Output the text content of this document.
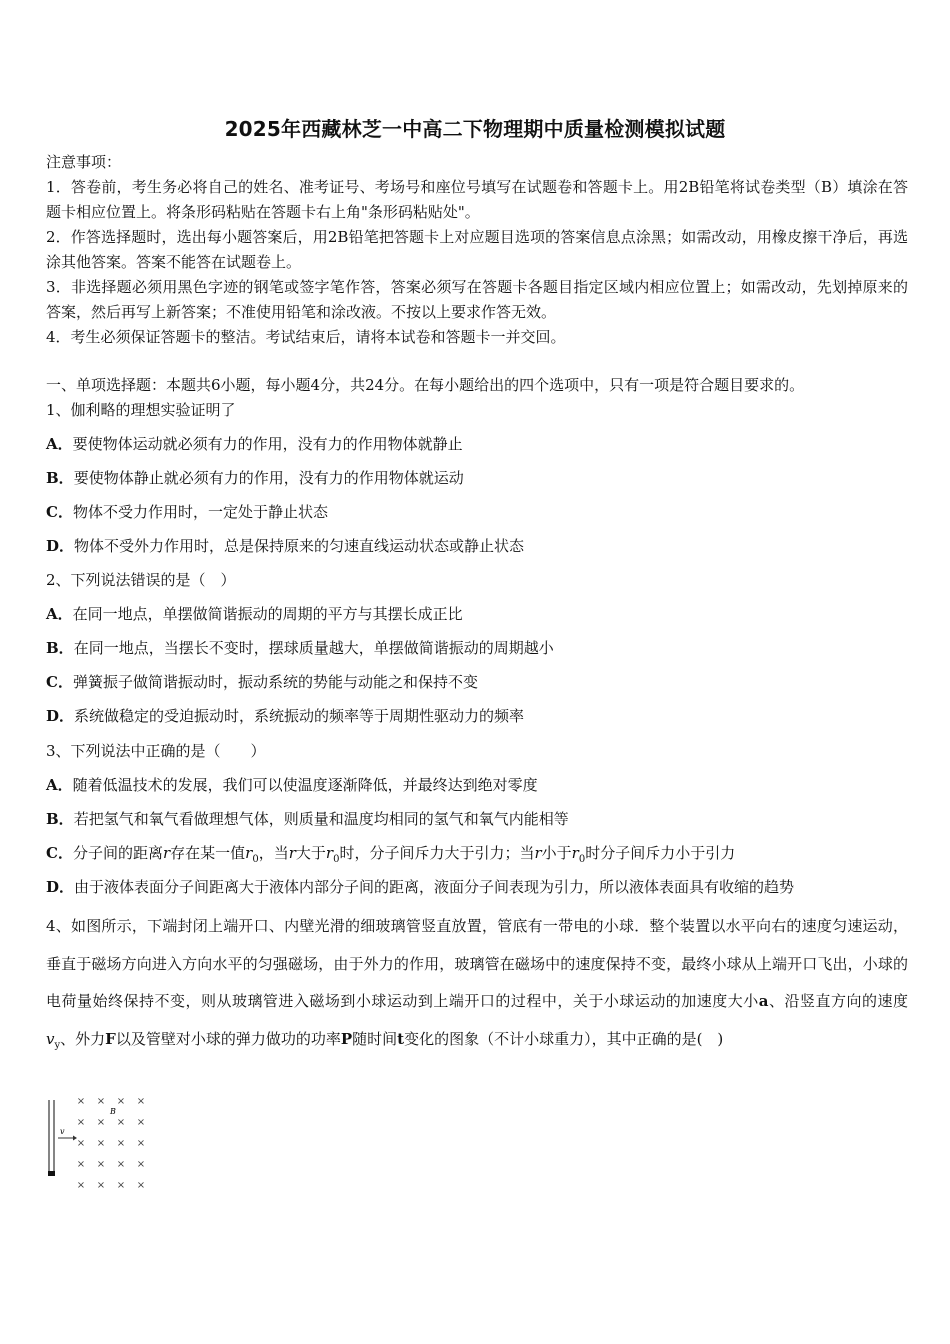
2025年西藏林芝一中高二下物理期中质量检测模拟试题

注意事项：

1．答卷前，考生务必将自己的姓名、准考证号、考场号和座位号填写在试题卷和答题卡上。用2B铅笔将试卷类型（B）填涂在答题卡相应位置上。将条形码粘贴在答题卡右上角"条形码粘贴处"。

2．作答选择题时，选出每小题答案后，用2B铅笔把答题卡上对应题目选项的答案信息点涂黑；如需改动，用橡皮擦干净后，再选涂其他答案。答案不能答在试题卷上。

3．非选择题必须用黑色字迹的钢笔或签字笔作答，答案必须写在答题卡各题目指定区域内相应位置上；如需改动，先划掉原来的答案，然后再写上新答案；不准使用铅笔和涂改液。不按以上要求作答无效。

4．考生必须保证答题卡的整洁。考试结束后，请将本试卷和答题卡一并交回。

一、单项选择题：本题共6小题，每小题4分，共24分。在每小题给出的四个选项中，只有一项是符合题目要求的。
1、伽利略的理想实验证明了
A．要使物体运动就必须有力的作用，没有力的作用物体就静止
B．要使物体静止就必须有力的作用，没有力的作用物体就运动
C．物体不受力作用时，一定处于静止状态
D．物体不受外力作用时，总是保持原来的匀速直线运动状态或静止状态
2、下列说法错误的是（　）
A．在同一地点，单摆做简谐振动的周期的平方与其摆长成正比
B．在同一地点，当摆长不变时，摆球质量越大，单摆做简谐振动的周期越小
C．弹簧振子做简谐振动时，振动系统的势能与动能之和保持不变
D．系统做稳定的受迫振动时，系统振动的频率等于周期性驱动力的频率
3、下列说法中正确的是（　　）
A．随着低温技术的发展，我们可以使温度逐渐降低，并最终达到绝对零度
B．若把氢气和氧气看做理想气体，则质量和温度均相同的氢气和氧气内能相等
C．分子间的距离r存在某一值$r_0$，当r大于$r_0$时，分子间斥力大于引力；当r小于$r_0$时分子间斥力小于引力
D．由于液体表面分子间距离大于液体内部分子间的距离，液面分子间表现为引力，所以液体表面具有收缩的趋势
4、如图所示，下端封闭上端开口、内壁光滑的细玻璃管竖直放置，管底有一带电的小球．整个装置以水平向右的速度匀速运动，垂直于磁场方向进入方向水平的匀强磁场，由于外力的作用，玻璃管在磁场中的速度保持不变，最终小球从上端开口飞出，小球的电荷量始终保持不变，则从玻璃管进入磁场到小球运动到上端开口的过程中，关于小球运动的加速度大小a、沿竖直方向的速度$v_y$、外力F以及管壁对小球的弹力做功的功率P随时间t变化的图象（不计小球重力），其中正确的是(　)
v
B
× × × ×
× × × ×
× × × ×
× × × ×
× × × ×
